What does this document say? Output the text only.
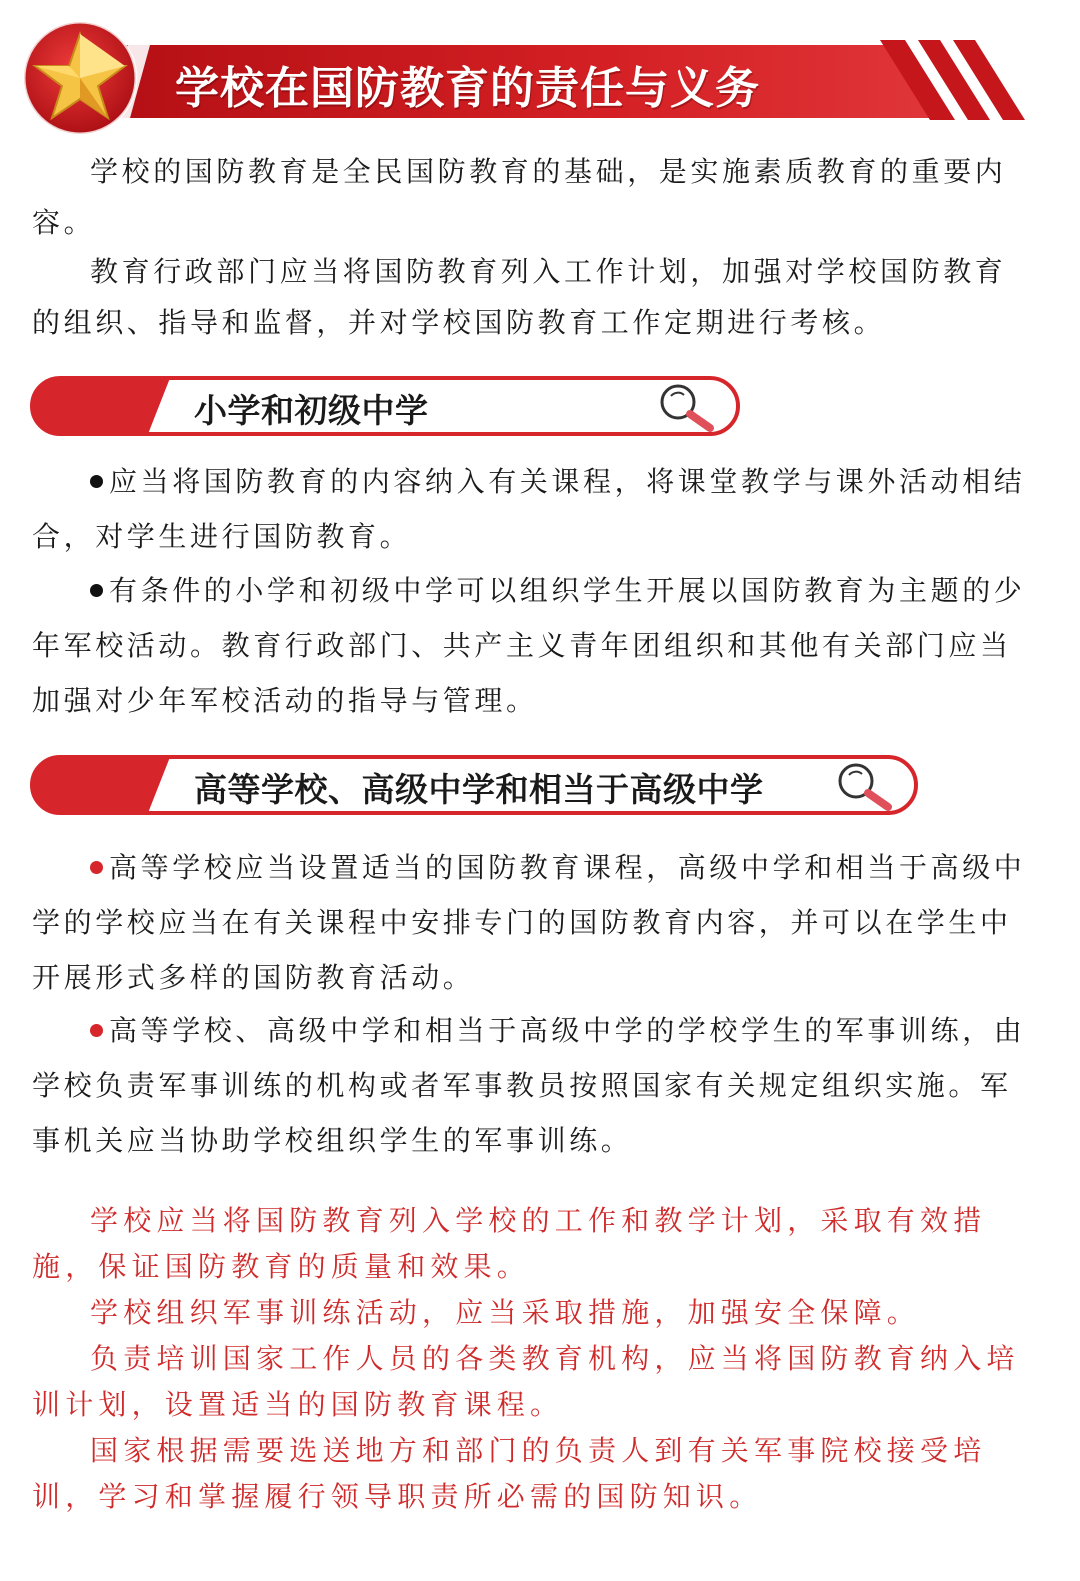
学校在国防教育的责任与义务

学校的国防教育是全民国防教育的基础，是实施素质教育的重要内容。

教育行政部门应当将国防教育列入工作计划，加强对学校国防教育的组织、指导和监督，并对学校国防教育工作定期进行考核。

小学和初级中学

应当将国防教育的内容纳入有关课程，将课堂教学与课外活动相结合，对学生进行国防教育。

有条件的小学和初级中学可以组织学生开展以国防教育为主题的少年军校活动。教育行政部门、共产主义青年团组织和其他有关部门应当加强对少年军校活动的指导与管理。

高等学校、高级中学和相当于高级中学

高等学校应当设置适当的国防教育课程，高级中学和相当于高级中学的学校应当在有关课程中安排专门的国防教育内容，并可以在学生中开展形式多样的国防教育活动。

高等学校、高级中学和相当于高级中学的学校学生的军事训练，由学校负责军事训练的机构或者军事教员按照国家有关规定组织实施。军事机关应当协助学校组织学生的军事训练。

学校应当将国防教育列入学校的工作和教学计划，采取有效措施，保证国防教育的质量和效果。

学校组织军事训练活动，应当采取措施，加强安全保障。

负责培训国家工作人员的各类教育机构，应当将国防教育纳入培训计划，设置适当的国防教育课程。

国家根据需要选送地方和部门的负责人到有关军事院校接受培训，学习和掌握履行领导职责所必需的国防知识。
